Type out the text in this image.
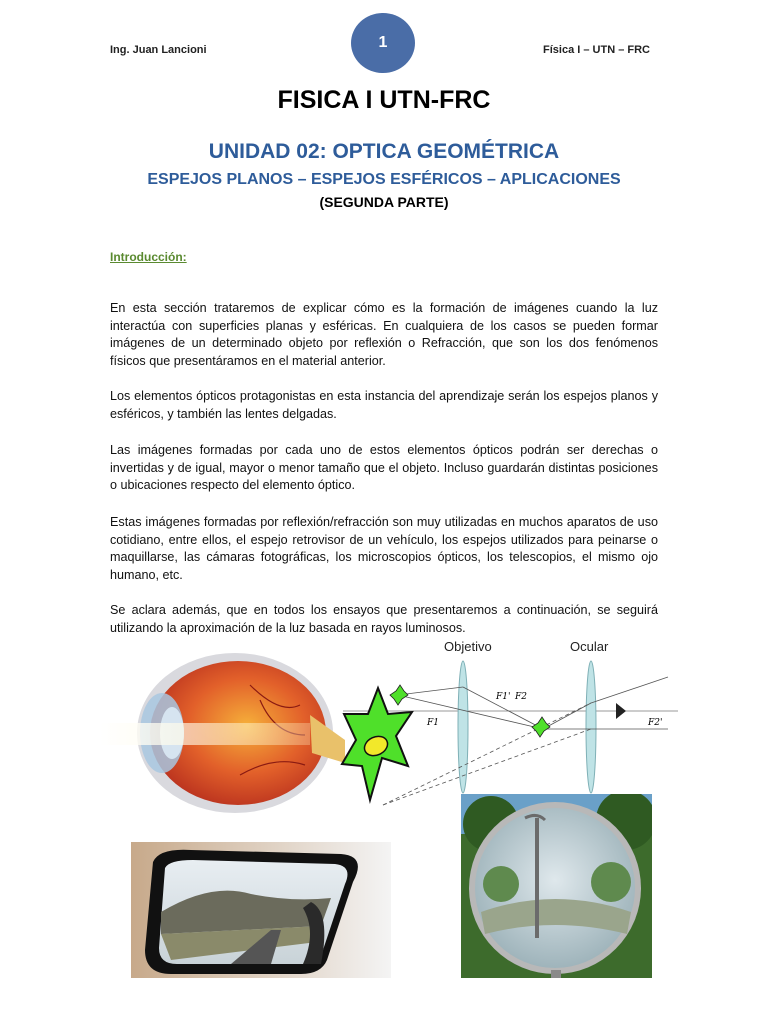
Ing. Juan Lancioni	1	Física I – UTN – FRC
FISICA I UTN-FRC
UNIDAD 02: OPTICA GEOMÉTRICA
ESPEJOS PLANOS – ESPEJOS ESFÉRICOS – APLICACIONES
(SEGUNDA PARTE)
Introducción:
En esta sección trataremos de explicar cómo es la formación de imágenes cuando la luz interactúa con superficies planas y esféricas. En cualquiera de los casos se pueden formar imágenes de un determinado objeto por reflexión o Refracción, que son los dos fenómenos físicos que presentáramos en el material anterior.
Los elementos ópticos protagonistas en esta instancia del aprendizaje serán los espejos planos y esféricos, y también las lentes delgadas.
Las imágenes formadas por cada uno de estos elementos ópticos podrán ser derechas o invertidas y de igual, mayor o menor tamaño que el objeto. Incluso guardarán distintas posiciones o ubicaciones respecto del elemento óptico.
Estas imágenes formadas por reflexión/refracción son muy utilizadas en muchos aparatos de uso cotidiano, entre ellos, el espejo retrovisor de un vehículo, los espejos utilizados para peinarse o maquillarse, las cámaras fotográficas, los microscopios ópticos, los telescopios, el mismo ojo humano, etc.
Se aclara además, que en todos los ensayos que presentaremos a continuación, se seguirá utilizando la aproximación de la luz basada en rayos luminosos.
F1
F1' F2
F2'
Objetivo	Ocular
